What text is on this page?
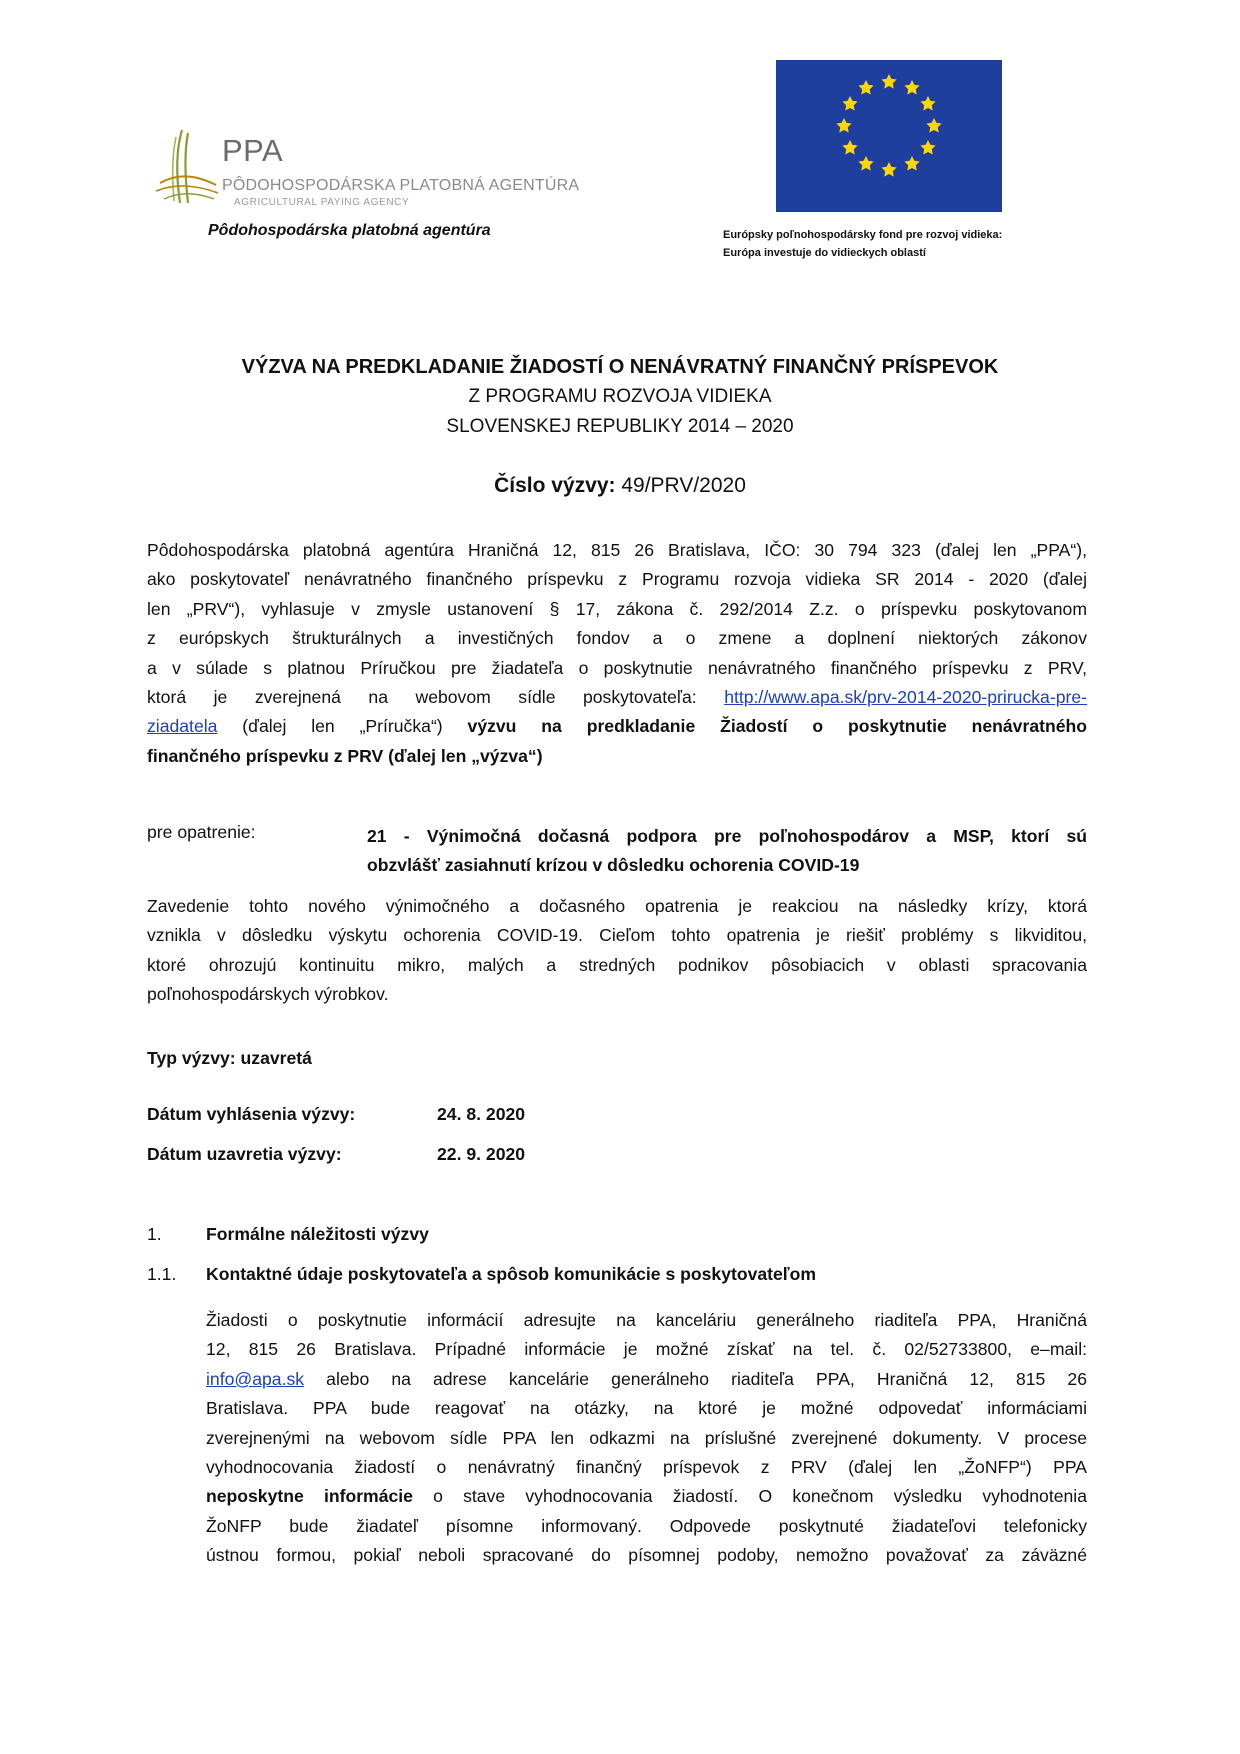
PPA
PÔDOHOSPODÁRSKA PLATOBNÁ AGENTÚRA
AGRICULTURAL PAYING AGENCY
Pôdohospodárska platobná agentúra	Európsky poľnohospodársky fond pre rozvoj vidieka:
Európa investuje do vidieckych oblastí
VÝZVA NA PREDKLADANIE ŽIADOSTÍ O NENÁVRATNÝ FINANČNÝ PRÍSPEVOK
Z PROGRAMU ROZVOJA VIDIEKA
SLOVENSKEJ REPUBLIKY 2014 – 2020
Číslo výzvy: 49/PRV/2020
Pôdohospodárska platobná agentúra Hraničná 12, 815 26 Bratislava, IČO: 30 794 323 (ďalej len „PPA“),
ako poskytovateľ nenávratného finančného príspevku z Programu rozvoja vidieka SR 2014 - 2020 (ďalej
len „PRV“), vyhlasuje v zmysle ustanovení § 17, zákona č. 292/2014 Z.z. o príspevku poskytovanom
z európskych štrukturálnych a investičných fondov a o zmene a doplnení niektorých zákonov
a v súlade s platnou Príručkou pre žiadateľa o poskytnutie nenávratného finančného príspevku z PRV,
ktorá je zverejnená na webovom sídle poskytovateľa: http://www.apa.sk/prv-2014-2020-prirucka-pre-
ziadatela (ďalej len „Príručka“) výzvu na predkladanie Žiadostí o poskytnutie nenávratného
finančného príspevku z PRV (ďalej len „výzva“)
pre opatrenie:	21 - Výnimočná dočasná podpora pre poľnohospodárov a MSP, ktorí sú
obzvlášť zasiahnutí krízou v dôsledku ochorenia COVID-19
Zavedenie tohto nového výnimočného a dočasného opatrenia je reakciou na následky krízy, ktorá
vznikla v dôsledku výskytu ochorenia COVID-19. Cieľom tohto opatrenia je riešiť problémy s likviditou,
ktoré ohrozujú kontinuitu mikro, malých a stredných podnikov pôsobiacich v oblasti spracovania
poľnohospodárskych výrobkov.
Typ výzvy: uzavretá
Dátum vyhlásenia výzvy:	24. 8. 2020
Dátum uzavretia výzvy:	22. 9. 2020
1.	Formálne náležitosti výzvy
1.1. Kontaktné údaje poskytovateľa a spôsob komunikácie s poskytovateľom
Žiadosti o poskytnutie informácií adresujte na kanceláriu generálneho riaditeľa PPA, Hraničná
12, 815 26 Bratislava. Prípadné informácie je možné získať na tel. č. 02/52733800, e–mail:
info@apa.sk alebo na adrese kancelárie generálneho riaditeľa PPA, Hraničná 12, 815 26
Bratislava. PPA bude reagovať na otázky, na ktoré je možné odpovedať informáciami
zverejnenými na webovom sídle PPA len odkazmi na príslušné zverejnené dokumenty. V procese
vyhodnocovania žiadostí o nenávratný finančný príspevok z PRV (ďalej len „ŽoNFP“) PPA
neposkytne informácie o stave vyhodnocovania žiadostí. O konečnom výsledku vyhodnotenia
ŽoNFP bude žiadateľ písomne informovaný. Odpovede poskytnuté žiadateľovi telefonicky
ústnou formou, pokiaľ neboli spracované do písomnej podoby, nemožno považovať za záväzné
